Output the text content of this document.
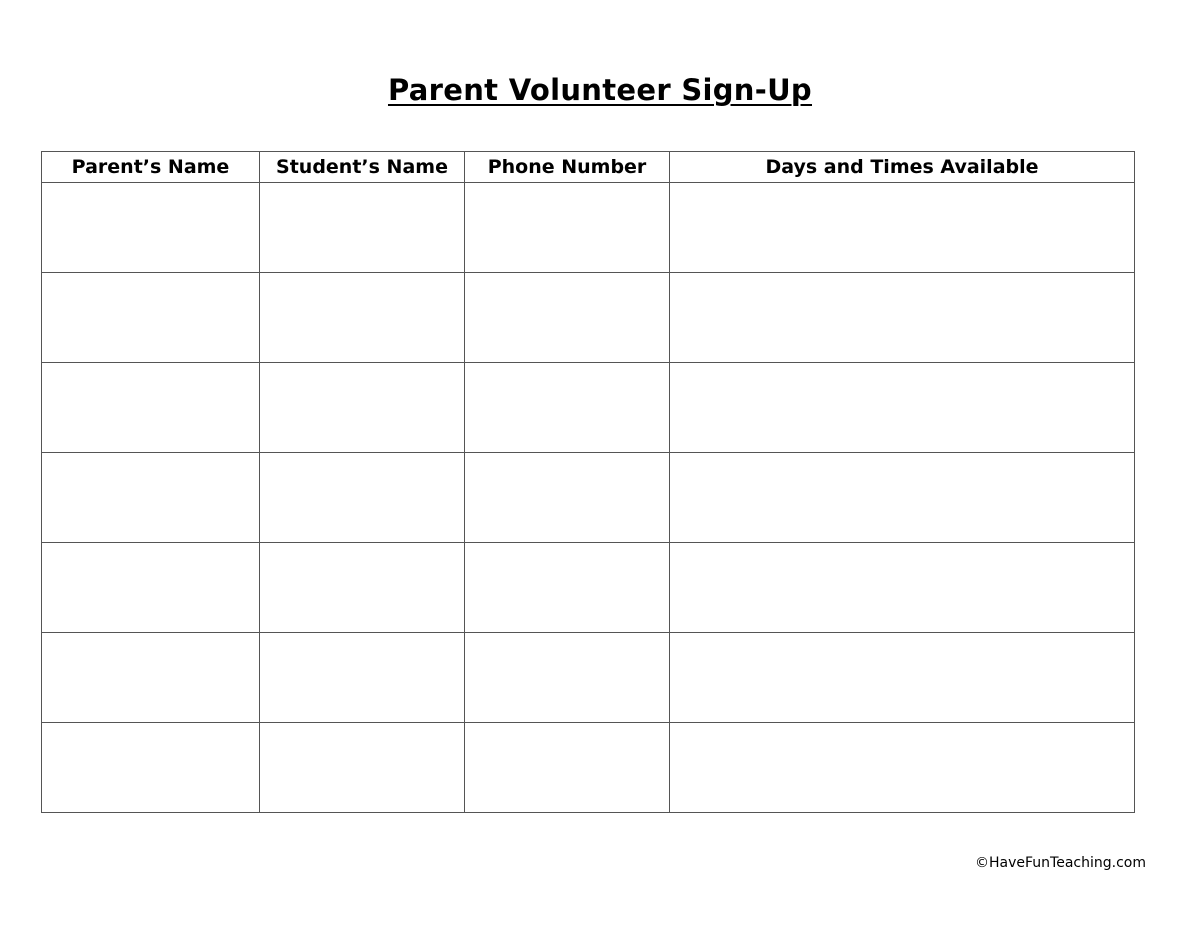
Parent Volunteer Sign-Up
Parent’s Name	Student’s Name	Phone Number	Days and Times Available

©HaveFunTeaching.com
